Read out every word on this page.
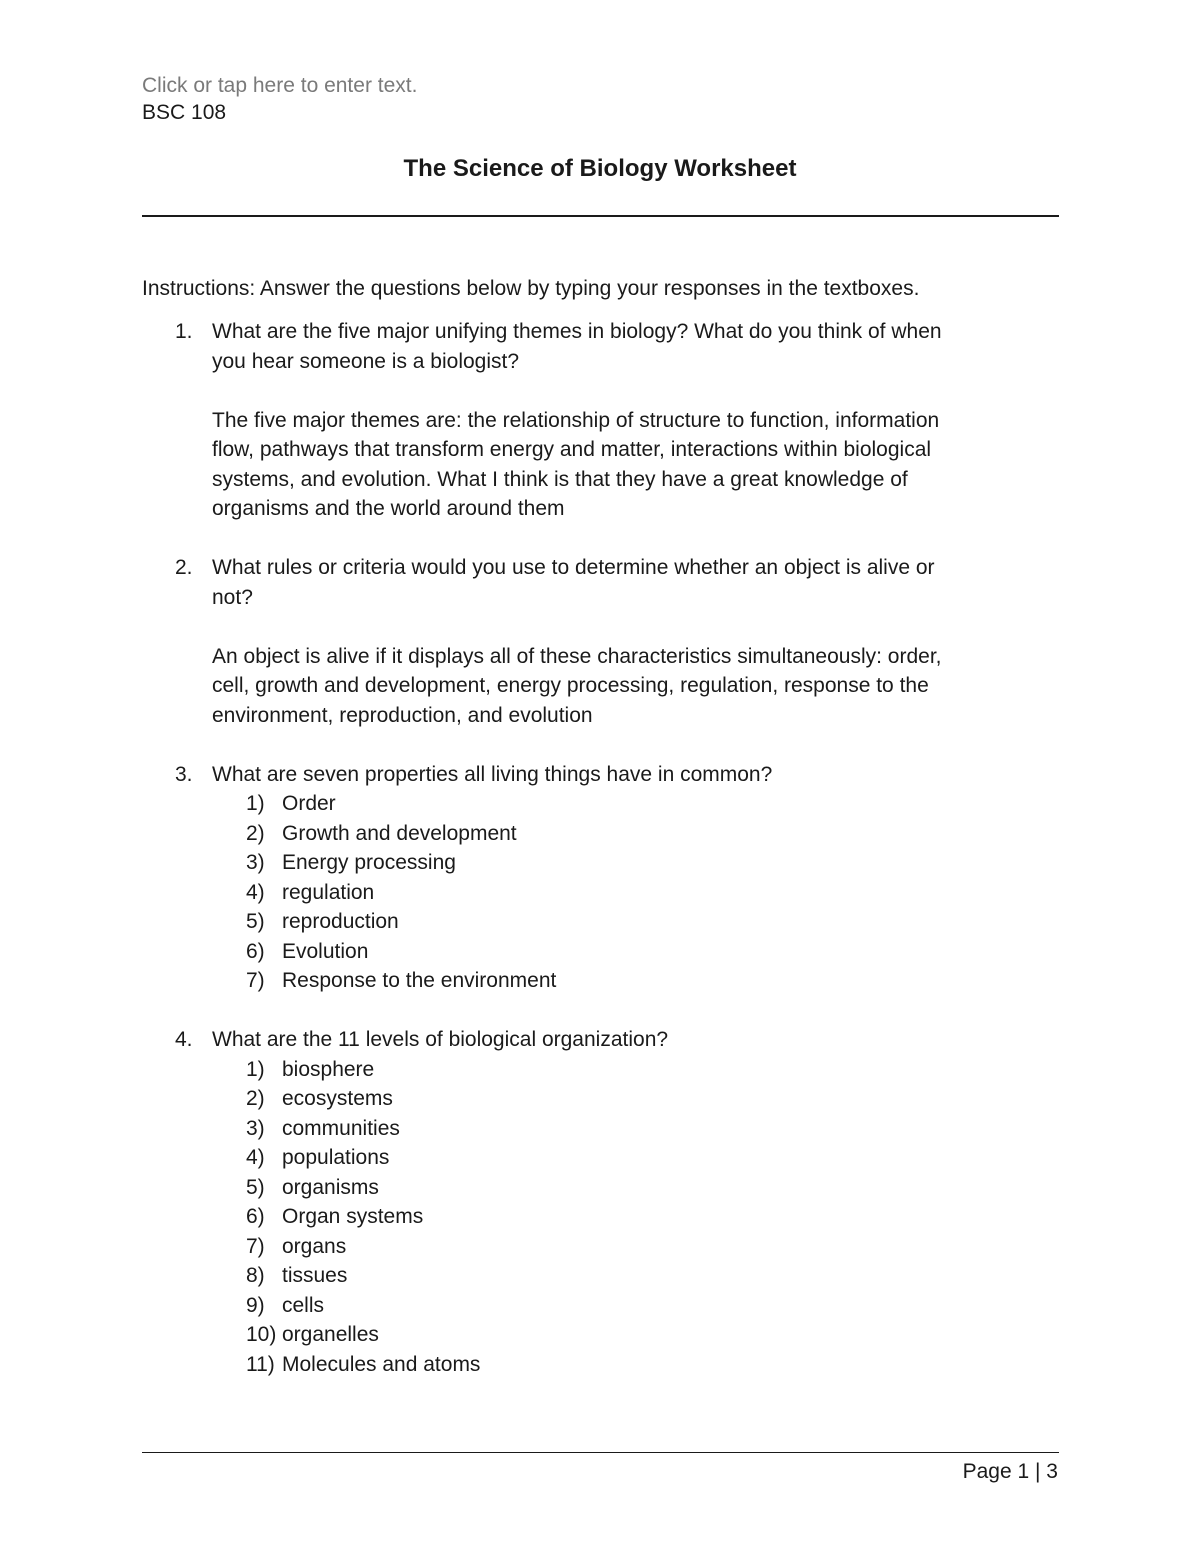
Click or tap here to enter text.
BSC 108
The Science of Biology Worksheet
Instructions: Answer the questions below by typing your responses in the textboxes.
1. What are the five major unifying themes in biology? What do you think of when
you hear someone is a biologist?
The five major themes are: the relationship of structure to function, information
flow, pathways that transform energy and matter, interactions within biological
systems, and evolution. What I think is that they have a great knowledge of
organisms and the world around them
2. What rules or criteria would you use to determine whether an object is alive or
not?
An object is alive if it displays all of these characteristics simultaneously: order,
cell, growth and development, energy processing, regulation, response to the
environment, reproduction, and evolution
3. What are seven properties all living things have in common?
1) Order
2) Growth and development
3) Energy processing
4) regulation
5) reproduction
6) Evolution
7) Response to the environment
4. What are the 11 levels of biological organization?
1) biosphere
2) ecosystems
3) communities
4) populations
5) organisms
6) Organ systems
7) organs
8) tissues
9) cells
10) organelles
11) Molecules and atoms
Page 1 | 3
